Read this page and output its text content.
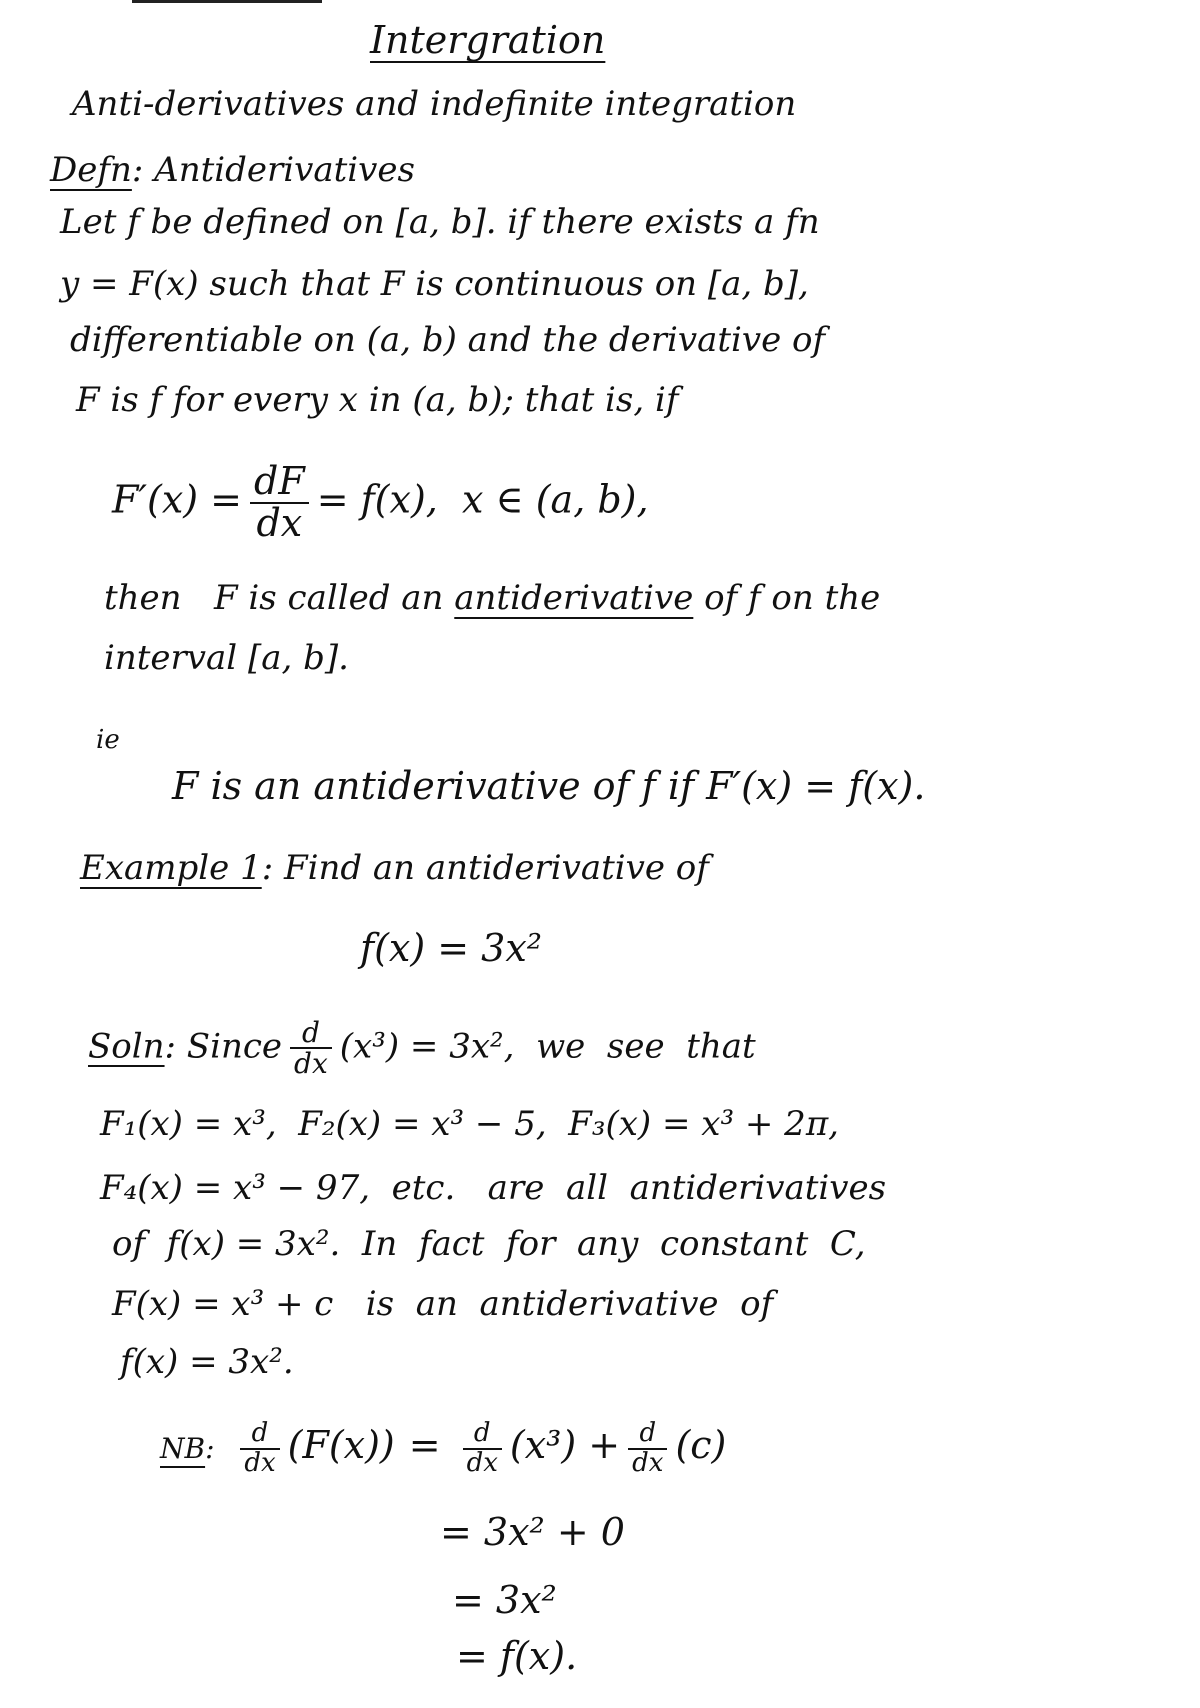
Intergration
Anti-derivatives and indefinite integration
Defn: Antiderivatives
Let f be defined on [a, b]. if there exists a fn
y = F(x) such that F is continuous on [a, b],
differentiable on (a, b) and the derivative of
F is f for every x in (a, b); that is, if
$F'(x) = \frac{dF}{dx} = f(x)$,  x ∈ (a, b),
then   F is called an antiderivative of f on the
interval [a, b].
ie
F is an antiderivative of f if F′(x) = f(x).
Example 1: Find an antiderivative of
f(x) = 3x²
Soln: Since $\frac{d}{dx} (x^3) = 3x^2$,  we  see  that
F₁(x) = x³,  F₂(x) = x³ − 5,  F₃(x) = x³ + 2π,
F₄(x) = x³ − 97,  etc.   are  all  antiderivatives
of  f(x) = 3x².  In  fact  for  any  constant  C,
F(x) = x³ + c   is  an  antiderivative  of
f(x) = 3x².
NB: $\frac{d}{dx} (F(x)) = \frac{d}{dx} (x^3) + \frac{d}{dx} (c)$
= 3x² + 0
= 3x²
= f(x).
